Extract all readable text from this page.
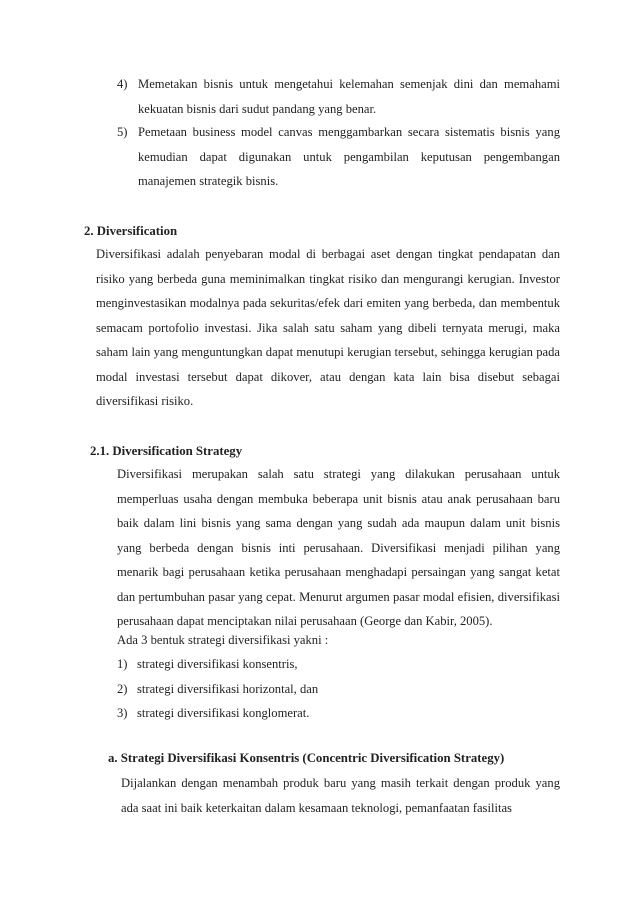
4) Memetakan bisnis untuk mengetahui kelemahan semenjak dini dan memahami kekuatan bisnis dari sudut pandang yang benar.
5) Pemetaan business model canvas menggambarkan secara sistematis bisnis yang kemudian dapat digunakan untuk pengambilan keputusan pengembangan manajemen strategik bisnis.
2. Diversification

Diversifikasi adalah penyebaran modal di berbagai aset dengan tingkat pendapatan dan risiko yang berbeda guna meminimalkan tingkat risiko dan mengurangi kerugian. Investor menginvestasikan modalnya pada sekuritas/efek dari emiten yang berbeda, dan membentuk semacam portofolio investasi. Jika salah satu saham yang dibeli ternyata merugi, maka saham lain yang menguntungkan dapat menutupi kerugian tersebut, sehingga kerugian pada modal investasi tersebut dapat dikover, atau dengan kata lain bisa disebut sebagai diversifikasi risiko.

2.1. Diversification Strategy

Diversifikasi merupakan salah satu strategi yang dilakukan perusahaan untuk memperluas usaha dengan membuka beberapa unit bisnis atau anak perusahaan baru baik dalam lini bisnis yang sama dengan yang sudah ada maupun dalam unit bisnis yang berbeda dengan bisnis inti perusahaan. Diversifikasi menjadi pilihan yang menarik bagi perusahaan ketika perusahaan menghadapi persaingan yang sangat ketat dan pertumbuhan pasar yang cepat. Menurut argumen pasar modal efisien, diversifikasi perusahaan dapat menciptakan nilai perusahaan (George dan Kabir, 2005).

Ada 3 bentuk strategi diversifikasi yakni :

1) strategi diversifikasi konsentris,
2) strategi diversifikasi horizontal, dan
3) strategi diversifikasi konglomerat.
a. Strategi Diversifikasi Konsentris (Concentric Diversification Strategy)

Dijalankan dengan menambah produk baru yang masih terkait dengan produk yang ada saat ini baik keterkaitan dalam kesamaan teknologi, pemanfaatan fasilitas
